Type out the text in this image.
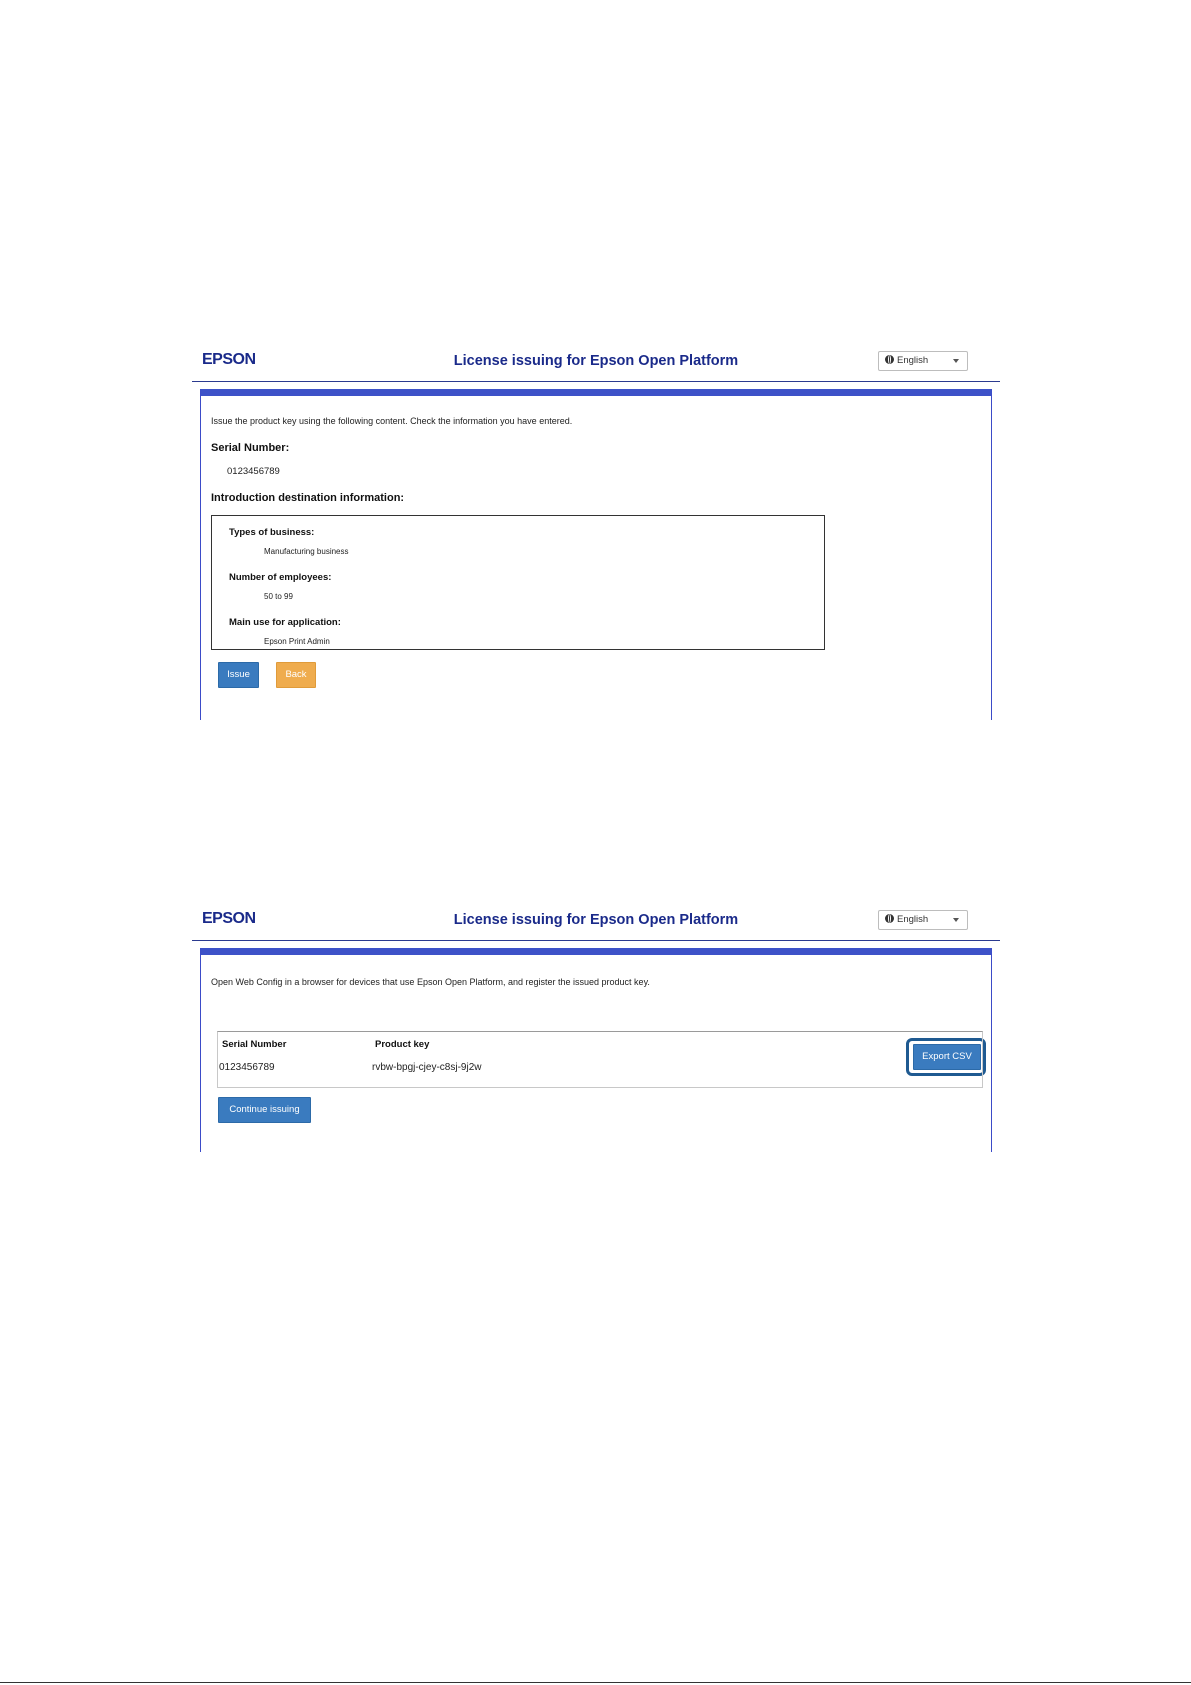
EPSON	License issuing for Epson Open Platform	English
Issue the product key using the following content. Check the information you have entered.
Serial Number:
0123456789
Introduction destination information:
Types of business:
Manufacturing business
Number of employees:
50 to 99
Main use for application:
Epson Print Admin
Issue	Back
EPSON	License issuing for Epson Open Platform	English
Open Web Config in a browser for devices that use Epson Open Platform, and register the issued product key.
Export CSV
Serial Number	Product key
0123456789	rvbw-bpgj-cjey-c8sj-9j2w
Continue issuing
